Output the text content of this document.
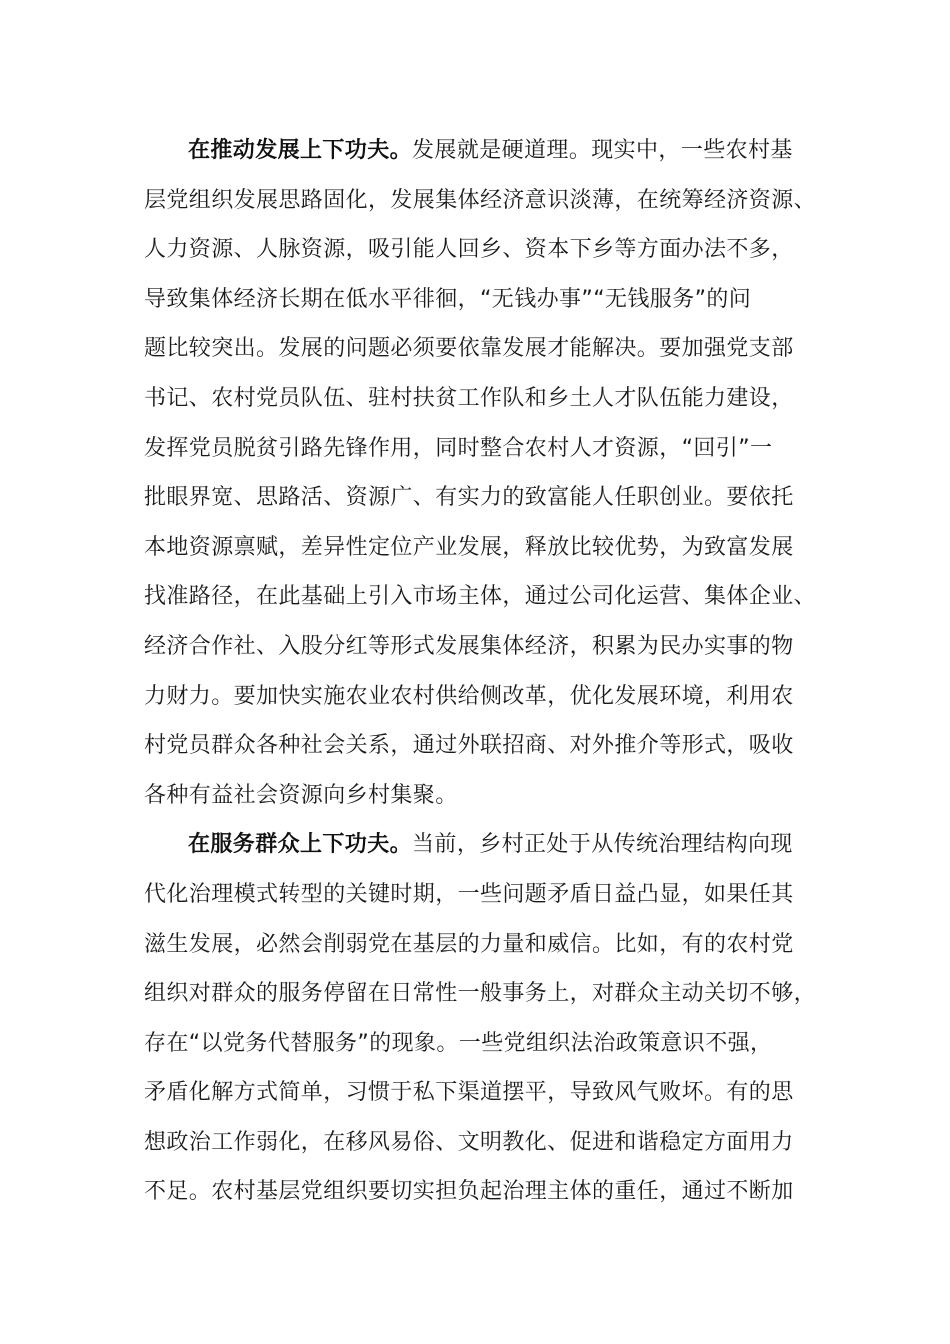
在推动发展上下功夫。发展就是硬道理。现实中，一些农村基
层党组织发展思路固化，发展集体经济意识淡薄，在统筹经济资源、
人力资源、人脉资源，吸引能人回乡、资本下乡等方面办法不多，
导致集体经济长期在低水平徘徊，“无钱办事”“无钱服务”的问
题比较突出。发展的问题必须要依靠发展才能解决。要加强党支部
书记、农村党员队伍、驻村扶贫工作队和乡土人才队伍能力建设，
发挥党员脱贫引路先锋作用，同时整合农村人才资源，“回引”一
批眼界宽、思路活、资源广、有实力的致富能人任职创业。要依托
本地资源禀赋，差异性定位产业发展，释放比较优势，为致富发展
找准路径，在此基础上引入市场主体，通过公司化运营、集体企业、
经济合作社、入股分红等形式发展集体经济，积累为民办实事的物
力财力。要加快实施农业农村供给侧改革，优化发展环境，利用农
村党员群众各种社会关系，通过外联招商、对外推介等形式，吸收
各种有益社会资源向乡村集聚。
在服务群众上下功夫。当前，乡村正处于从传统治理结构向现
代化治理模式转型的关键时期，一些问题矛盾日益凸显，如果任其
滋生发展，必然会削弱党在基层的力量和威信。比如，有的农村党
组织对群众的服务停留在日常性一般事务上，对群众主动关切不够，
存在“以党务代替服务”的现象。一些党组织法治政策意识不强，
矛盾化解方式简单，习惯于私下渠道摆平，导致风气败坏。有的思
想政治工作弱化，在移风易俗、文明教化、促进和谐稳定方面用力
不足。农村基层党组织要切实担负起治理主体的重任，通过不断加
